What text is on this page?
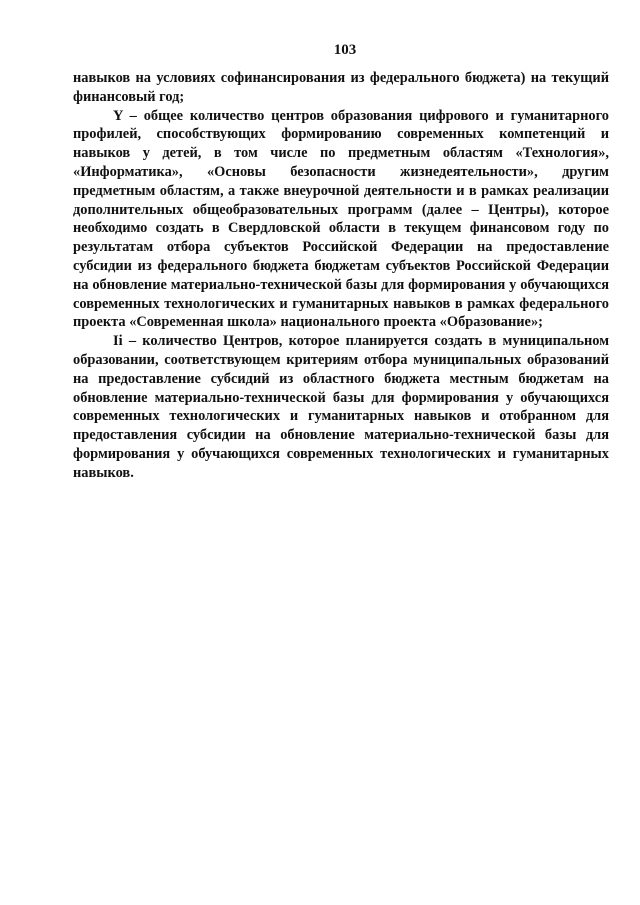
103

навыков на условиях софинансирования из федерального бюджета) на текущий финансовый год;

Y – общее количество центров образования цифрового и гуманитарного профилей, способствующих формированию современных компетенций и навыков у детей, в том числе по предметным областям «Технология», «Информатика», «Основы безопасности жизнедеятельности», другим предметным областям, а также внеурочной деятельности и в рамках реализации дополнительных общеобразовательных программ (далее – Центры), которое необходимо создать в Свердловской области в текущем финансовом году по результатам отбора субъектов Российской Федерации на предоставление субсидии из федерального бюджета бюджетам субъектов Российской Федерации на обновление материально-технической базы для формирования у обучающихся современных технологических и гуманитарных навыков в рамках федерального проекта «Современная школа» национального проекта «Образование»;

Ii – количество Центров, которое планируется создать в муниципальном образовании, соответствующем критериям отбора муниципальных образований на предоставление субсидий из областного бюджета местным бюджетам на обновление материально-технической базы для формирования у обучающихся современных технологических и гуманитарных навыков и отобранном для предоставления субсидии на обновление материально-технической базы для формирования у обучающихся современных технологических и гуманитарных навыков.
